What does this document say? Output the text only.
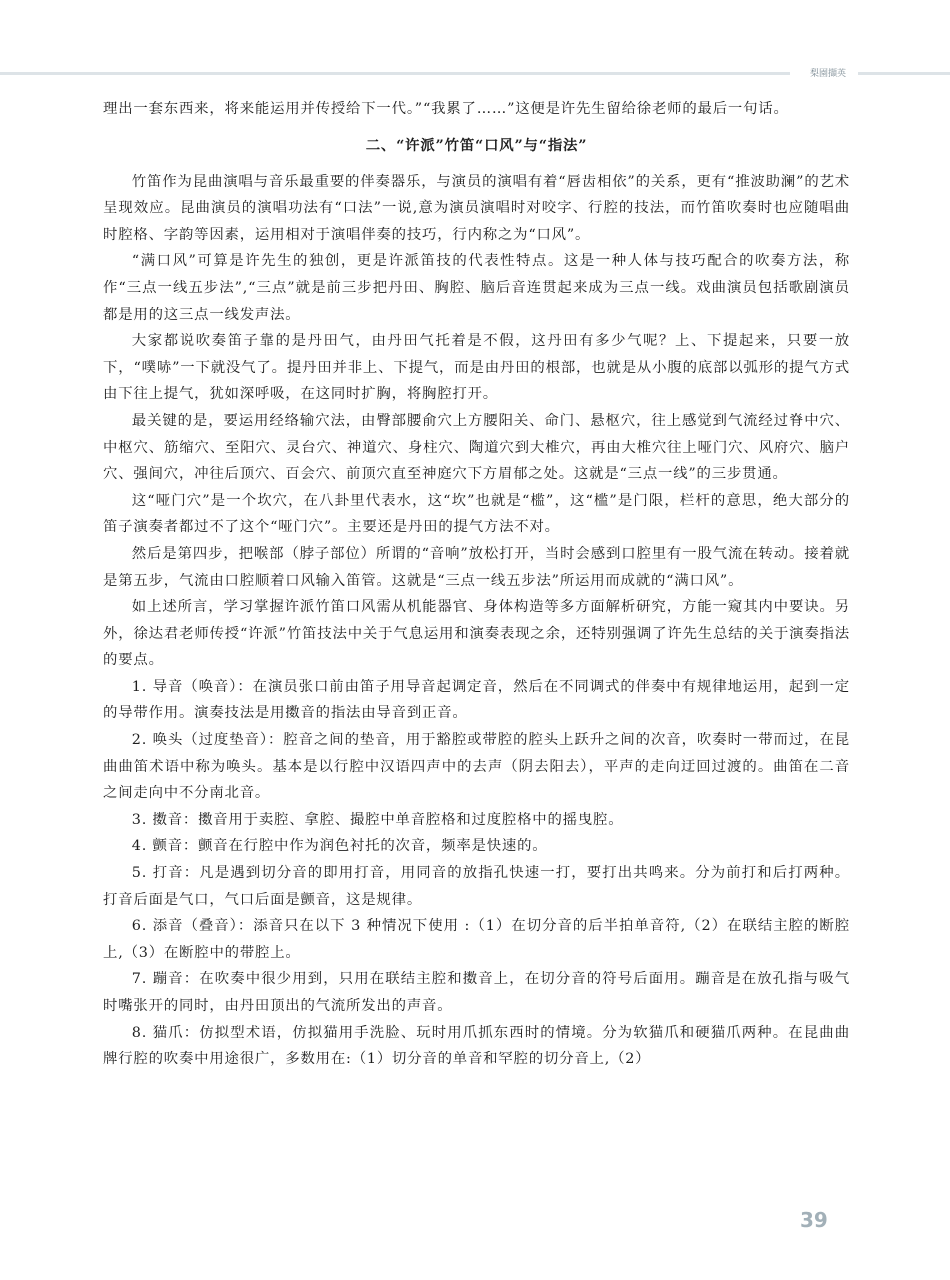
梨園擷英

理出一套东西来，将来能运用并传授给下一代。”“我累了……”这便是许先生留给徐老师的最后一句话。

二、“许派”竹笛“口风”与“指法”

竹笛作为昆曲演唱与音乐最重要的伴奏器乐，与演员的演唱有着“唇齿相依”的关系，更有“推波助澜”的艺术呈现效应。昆曲演员的演唱功法有“口法”一说,意为演员演唱时对咬字、行腔的技法，而竹笛吹奏时也应随唱曲时腔格、字韵等因素，运用相对于演唱伴奏的技巧，行内称之为“口风”。

“满口风”可算是许先生的独创，更是许派笛技的代表性特点。这是一种人体与技巧配合的吹奏方法，称作“三点一线五步法”,“三点”就是前三步把丹田、胸腔、脑后音连贯起来成为三点一线。戏曲演员包括歌剧演员都是用的这三点一线发声法。

大家都说吹奏笛子靠的是丹田气，由丹田气托着是不假，这丹田有多少气呢？上、下提起来，只要一放下，“噗哧”一下就没气了。提丹田并非上、下提气，而是由丹田的根部，也就是从小腹的底部以弧形的提气方式由下往上提气，犹如深呼吸，在这同时扩胸，将胸腔打开。

最关键的是，要运用经络输穴法，由臀部腰俞穴上方腰阳关、命门、悬枢穴，往上感觉到气流经过脊中穴、中枢穴、筋缩穴、至阳穴、灵台穴、神道穴、身柱穴、陶道穴到大椎穴，再由大椎穴往上哑门穴、风府穴、脑户穴、强间穴，冲往后顶穴、百会穴、前顶穴直至神庭穴下方眉郁之处。这就是“三点一线”的三步贯通。

这“哑门穴”是一个坎穴，在八卦里代表水，这“坎”也就是“槛”，这“槛”是门限，栏杆的意思，绝大部分的笛子演奏者都过不了这个“哑门穴”。主要还是丹田的提气方法不对。

然后是第四步，把喉部（脖子部位）所谓的“音响”放松打开，当时会感到口腔里有一股气流在转动。接着就是第五步，气流由口腔顺着口风输入笛管。这就是“三点一线五步法”所运用而成就的“满口风”。

如上述所言，学习掌握许派竹笛口风需从机能器官、身体构造等多方面解析研究，方能一窥其内中要诀。另外，徐达君老师传授“许派”竹笛技法中关于气息运用和演奏表现之余，还特别强调了许先生总结的关于演奏指法的要点。

1. 导音（唤音）：在演员张口前由笛子用导音起调定音，然后在不同调式的伴奏中有规律地运用，起到一定的导带作用。演奏技法是用擞音的指法由导音到正音。

2. 唤头（过度垫音）：腔音之间的垫音，用于豁腔或带腔的腔头上跃升之间的次音，吹奏时一带而过，在昆曲曲笛术语中称为唤头。基本是以行腔中汉语四声中的去声（阴去阳去），平声的走向迂回过渡的。曲笛在二音之间走向中不分南北音。

3. 擞音：擞音用于卖腔、拿腔、撮腔中单音腔格和过度腔格中的摇曳腔。

4. 颤音：颤音在行腔中作为润色衬托的次音，频率是快速的。

5. 打音：凡是遇到切分音的即用打音，用同音的放指孔快速一打，要打出共鸣来。分为前打和后打两种。打音后面是气口，气口后面是颤音，这是规律。

6. 添音（叠音）：添音只在以下 3 种情况下使用 :（1）在切分音的后半拍单音符,（2）在联结主腔的断腔上,（3）在断腔中的带腔上。

7. 蹦音：在吹奏中很少用到，只用在联结主腔和擞音上，在切分音的符号后面用。蹦音是在放孔指与吸气时嘴张开的同时，由丹田顶出的气流所发出的声音。

8. 猫爪：仿拟型术语，仿拟猫用手洗脸、玩时用爪抓东西时的情境。分为软猫爪和硬猫爪两种。在昆曲曲牌行腔的吹奏中用途很广，多数用在:（1）切分音的单音和罕腔的切分音上,（2）

39
